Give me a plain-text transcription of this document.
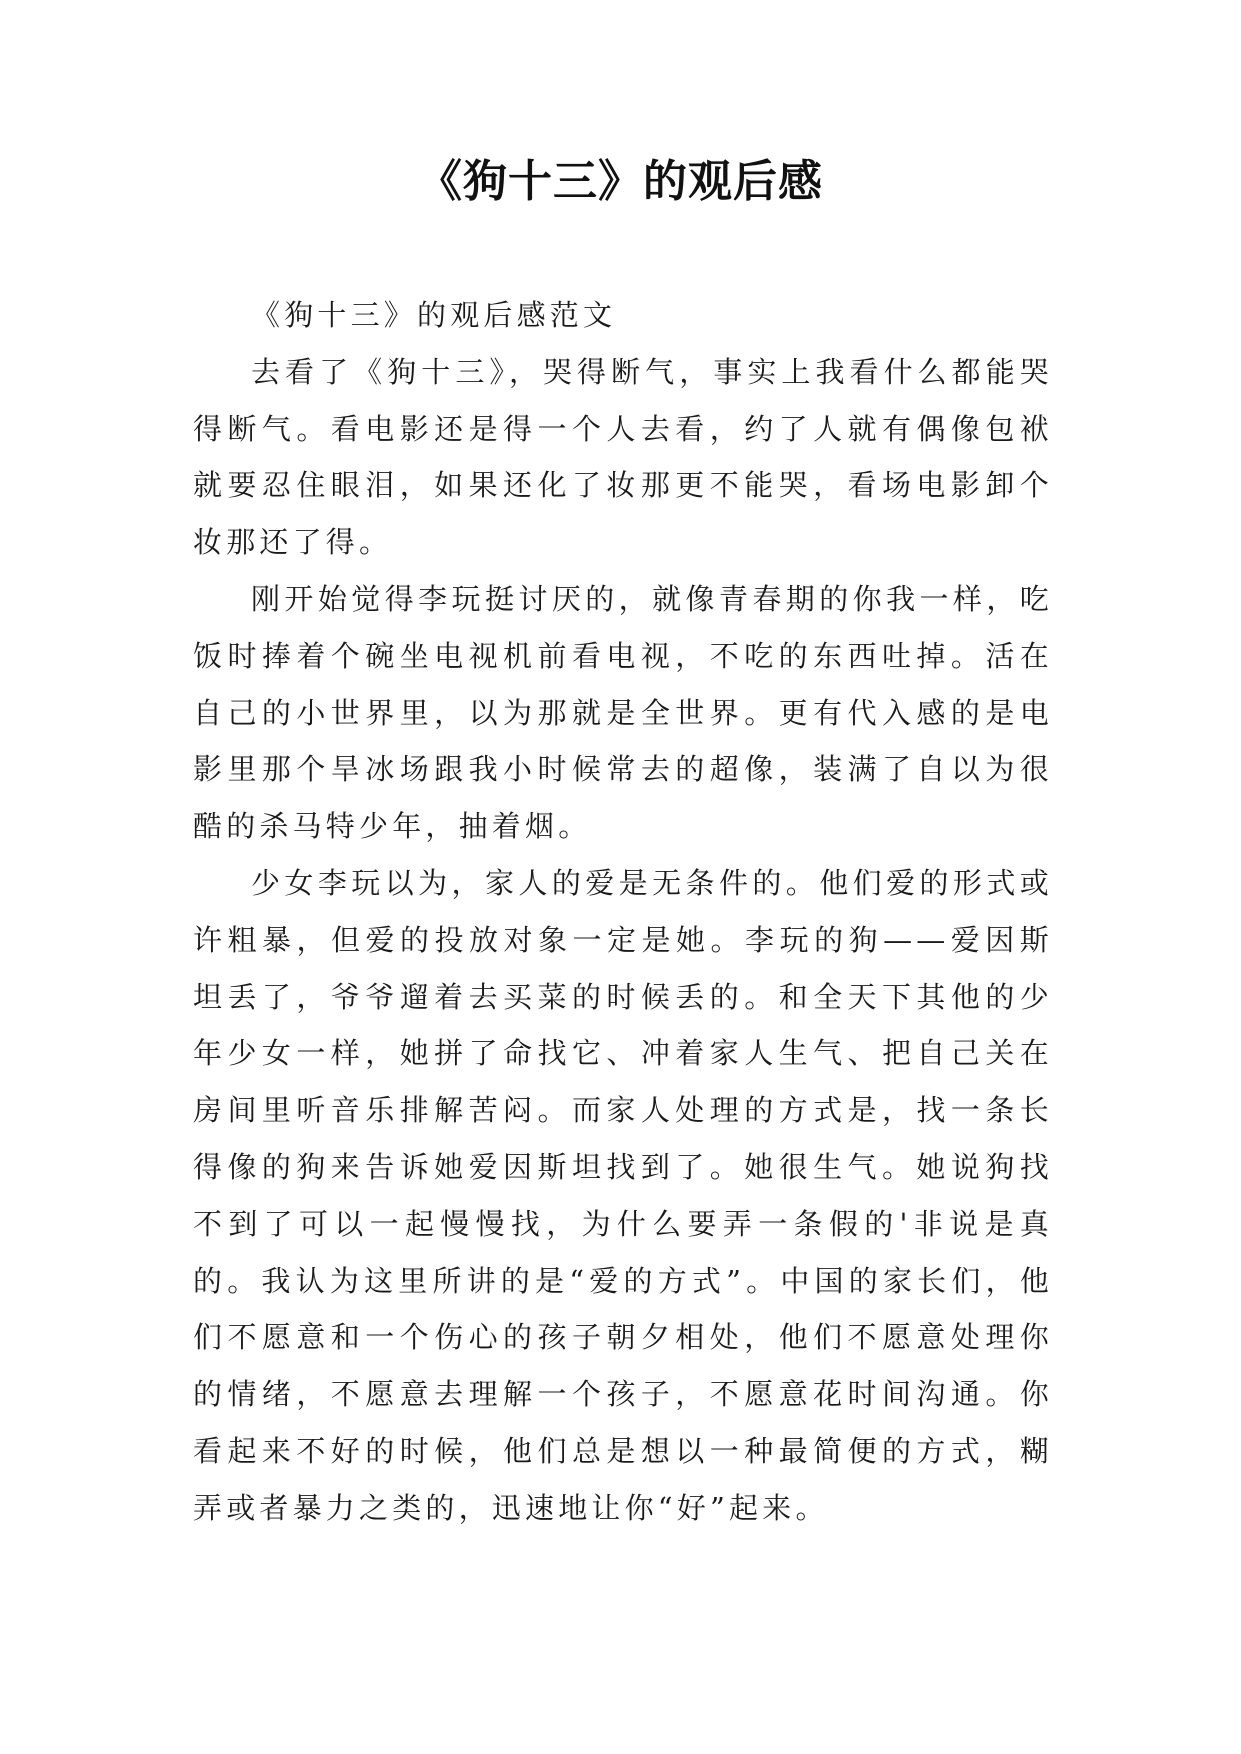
《狗十三》的观后感

《狗十三》的观后感范文

去看了《狗十三》，哭得断气，事实上我看什么都能哭得断气。看电影还是得一个人去看，约了人就有偶像包袱就要忍住眼泪，如果还化了妆那更不能哭，看场电影卸个妆那还了得。

刚开始觉得李玩挺讨厌的，就像青春期的你我一样，吃饭时捧着个碗坐电视机前看电视，不吃的东西吐掉。活在自己的小世界里，以为那就是全世界。更有代入感的是电影里那个旱冰场跟我小时候常去的超像，装满了自以为很酷的杀马特少年，抽着烟。

少女李玩以为，家人的爱是无条件的。他们爱的形式或许粗暴，但爱的投放对象一定是她。李玩的狗——爱因斯坦丢了，爷爷遛着去买菜的时候丢的。和全天下其他的少年少女一样，她拼了命找它、冲着家人生气、把自己关在房间里听音乐排解苦闷。而家人处理的方式是，找一条长得像的狗来告诉她爱因斯坦找到了。她很生气。她说狗找不到了可以一起慢慢找，为什么要弄一条假的'非说是真的。我认为这里所讲的是“爱的方式”。中国的家长们，他们不愿意和一个伤心的孩子朝夕相处，他们不愿意处理你的情绪，不愿意去理解一个孩子，不愿意花时间沟通。你看起来不好的时候，他们总是想以一种最简便的方式，糊弄或者暴力之类的，迅速地让你“好”起来。
